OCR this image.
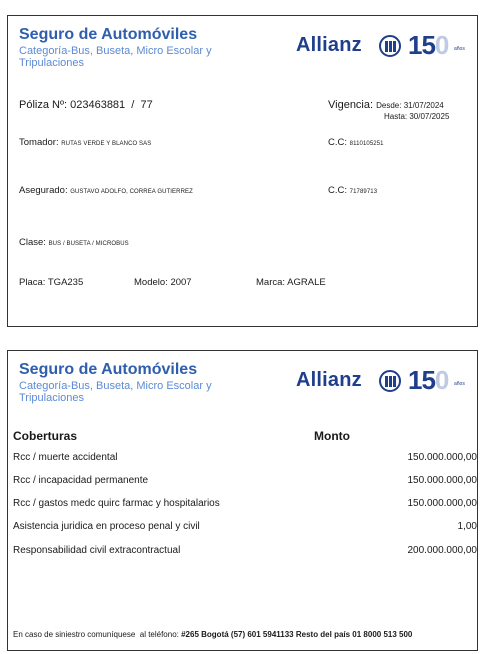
Seguro de Automóviles
Categoría-Bus, Buseta, Micro Escolar y Tripulaciones
Allianz 150 años
Póliza Nº: 023463881  /  77	Vigencia: Desde: 31/07/2024
Hasta: 30/07/2025
Tomador: RUTAS VERDE Y BLANCO SAS	C.C: 8110105251
Asegurado: GUSTAVO ADOLFO, CORREA GUTIERREZ	C.C: 71789713
Clase: BUS / BUSETA / MICROBUS
Placa: TGA235	Modelo: 2007	Marca: AGRALE
Seguro de Automóviles
Categoría-Bus, Buseta, Micro Escolar y Tripulaciones
Allianz 150 años
Coberturas	Monto
Rcc / muerte accidental	150.000.000,00
Rcc / incapacidad permanente	150.000.000,00
Rcc / gastos medc quirc farmac y hospitalarios	150.000.000,00
Asistencia juridica en proceso penal y civil	1,00
Responsabilidad civil extracontractual	200.000.000,00
En caso de siniestro comuníquese  al teléfono: #265 Bogotá (57) 601 5941133 Resto del país 01 8000 513 500
